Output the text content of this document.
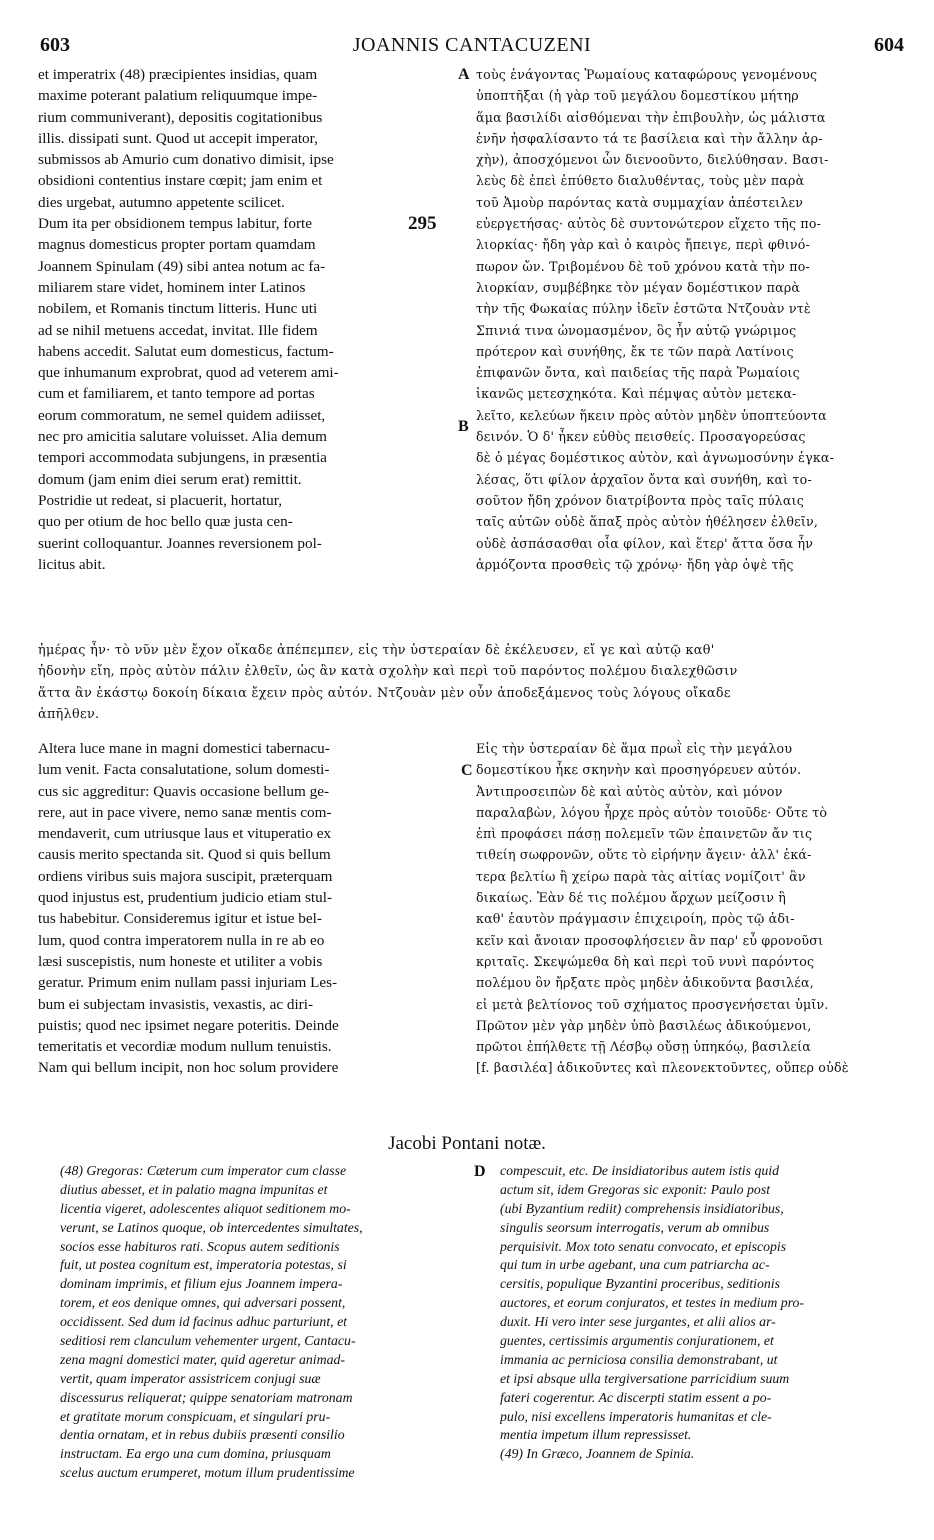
603	JOANNIS CANTACUZENI	604
et imperatrix (48) præcipientes insidias, quam
maxime poterant palatium reliquumque impe-
rium communiverant), depositis cogitationibus
illis. dissipati sunt. Quod ut accepit imperator,
submissos ab Amurio cum donativo dimisit, ipse
obsidioni contentius instare cœpit; jam enim et
dies urgebat, autumno appetente scilicet.
Dum ita per obsidionem tempus labitur, forte
magnus domesticus propter portam quamdam
Joannem Spinulam (49) sibi antea notum ac fa-
miliarem stare videt, hominem inter Latinos
nobilem, et Romanis tinctum litteris. Hunc uti
ad se nihil metuens accedat, invitat. Ille fidem
habens accedit. Salutat eum domesticus, factum-
que inhumanum exprobrat, quod ad veterem ami-
cum et familiarem, et tanto tempore ad portas
eorum commoratum, ne semel quidem adiisset,
nec pro amicitia salutare voluisset. Alia demum
tempori accommodata subjungens, in præsentia
domum (jam enim diei serum erat) remittit.
Postridie ut redeat, si placuerit, hortatur,
quo per otium de hoc bello quæ justa cen-
suerint colloquantur. Joannes reversionem pol-
licitus abit.
τοὺς ἐνάγοντας Ῥωμαίους καταφώρους γενομένους
ὑποπτῆξαι (ἡ γὰρ τοῦ μεγάλου δομεστίκου μήτηρ
ἅμα βασιλίδι αἰσθόμεναι τὴν ἐπιβουλὴν, ὡς μάλιστα
ἐνῆν ἠσφαλίσαντο τά τε βασίλεια καὶ τὴν ἄλλην ἀρ-
χὴν), ἀποσχόμενοι ὧν διενοοῦντο, διελύθησαν. Βασι-
λεὺς δὲ ἐπεὶ ἐπύθετο διαλυθέντας, τοὺς μὲν παρὰ
τοῦ Ἀμοὺρ παρόντας κατὰ συμμαχίαν ἀπέστειλεν
εὐεργετήσας· αὐτὸς δὲ συντονώτερον εἴχετο τῆς πο-
λιορκίας· ἤδη γὰρ καὶ ὁ καιρὸς ἤπειγε, περὶ φθινό-
πωρον ὤν. Τριβομένου δὲ τοῦ χρόνου κατὰ τὴν πο-
λιορκίαν, συμβέβηκε τὸν μέγαν δομέστικον παρὰ
τὴν τῆς Φωκαίας πύλην ἰδεῖν ἑστῶτα Ντζουὰν ντὲ
Σπινιά τινα ὠνομασμένον, ὃς ἦν αὐτῷ γνώριμος
πρότερον καὶ συνήθης, ἔκ τε τῶν παρὰ Λατίνοις
ἐπιφανῶν ὄντα, καὶ παιδείας τῆς παρὰ Ῥωμαίοις
ἱκανῶς μετεσχηκότα. Καὶ πέμψας αὐτὸν μετεκα-
λεῖτο, κελεύων ἥκειν πρὸς αὐτὸν μηδὲν ὑποπτεύοντα
δεινόν. Ὁ δ' ἧκεν εὐθὺς πεισθείς. Προσαγορεύσας
δὲ ὁ μέγας δομέστικος αὐτὸν, καὶ ἀγνωμοσύνην ἐγκα-
λέσας, ὅτι φίλον ἀρχαῖον ὄντα καὶ συνήθη, καὶ το-
σοῦτον ἤδη χρόνον διατρίβοντα πρὸς ταῖς πύλαις
ταῖς αὐτῶν οὐδὲ ἅπαξ πρὸς αὐτὸν ἠθέλησεν ἐλθεῖν,
οὐδὲ ἀσπάσασθαι οἷα φίλον, καὶ ἕτερ' ἄττα ὅσα ἦν
ἁρμόζοντα προσθεὶς τῷ χρόνῳ· ἤδη γὰρ ὀψὲ τῆς
A
B
C
D
295
ἡμέρας ἦν· τὸ νῦν μὲν ἔχον οἴκαδε ἀπέπεμπεν, εἰς τὴν ὑστεραίαν δὲ ἐκέλευσεν, εἴ γε καὶ αὐτῷ καθ'
ἡδονὴν εἴη, πρὸς αὐτὸν πάλιν ἐλθεῖν, ὡς ἂν κατὰ σχολὴν καὶ περὶ τοῦ παρόντος πολέμου διαλεχθῶσιν
ἅττα ἂν ἑκάστῳ δοκοίη δίκαια ἔχειν πρὸς αὐτόν. Ντζουὰν μὲν οὖν ἀποδεξάμενος τοὺς λόγους οἴκαδε
ἀπῆλθεν.
Altera luce mane in magni domestici tabernacu-
lum venit. Facta consalutatione, solum domesti-
cus sic aggreditur: Quavis occasione bellum ge-
rere, aut in pace vivere, nemo sanæ mentis com-
mendaverit, cum utriusque laus et vituperatio ex
causis merito spectanda sit. Quod si quis bellum
ordiens viribus suis majora suscipit, præterquam
quod injustus est, prudentium judicio etiam stul-
tus habebitur. Consideremus igitur et istue bel-
lum, quod contra imperatorem nulla in re ab eo
læsi suscepistis, num honeste et utiliter a vobis
geratur. Primum enim nullam passi injuriam Les-
bum ei subjectam invasistis, vexastis, ac diri-
puistis; quod nec ipsimet negare poteritis. Deinde
temeritatis et vecordiæ modum nullum tenuistis.
Nam qui bellum incipit, non hoc solum providere
Εἰς τὴν ὑστεραίαν δὲ ἅμα πρωῒ εἰς τὴν μεγάλου
δομεστίκου ἧκε σκηνὴν καὶ προσηγόρευεν αὐτόν.
Ἀντιπροσειπὼν δὲ καὶ αὐτὸς αὐτὸν, καὶ μόνον
παραλαβὼν, λόγου ἦρχε πρὸς αὐτὸν τοιοῦδε· Οὔτε τὸ
ἐπὶ προφάσει πάσῃ πολεμεῖν τῶν ἐπαινετῶν ἄν τις
τιθείη σωφρονῶν, οὔτε τὸ εἰρήνην ἄγειν· ἀλλ' ἑκά-
τερα βελτίω ἢ χείρω παρὰ τὰς αἰτίας νομίζοιτ' ἂν
δικαίως. Ἐὰν δέ τις πολέμου ἄρχων μείζοσιν ἢ
καθ' ἑαυτὸν πράγμασιν ἐπιχειροίη, πρὸς τῷ ἀδι-
κεῖν καὶ ἄνοιαν προσοφλήσειεν ἂν παρ' εὖ φρονοῦσι
κριταῖς. Σκεψώμεθα δὴ καὶ περὶ τοῦ νυνὶ παρόντος
πολέμου ὃν ἤρξατε πρὸς μηδὲν ἀδικοῦντα βασιλέα,
εἰ μετὰ βελτίονος τοῦ σχήματος προσγενήσεται ὑμῖν.
Πρῶτον μὲν γὰρ μηδὲν ὑπὸ βασιλέως ἀδικούμενοι,
πρῶτοι ἐπήλθετε τῇ Λέσβῳ οὔσῃ ὑπηκόῳ, βασιλεία
[f. βασιλέα] ἀδικοῦντες καὶ πλεονεκτοῦντες, οὕπερ οὐδὲ
Jacobi Pontani notæ.
(48) Gregoras: Cæterum cum imperator cum classe
diutius abesset, et in palatio magna impunitas et
licentia vigeret, adolescentes aliquot seditionem mo-
verunt, se Latinos quoque, ob intercedentes simultates,
socios esse habituros rati. Scopus autem seditionis
fuit, ut postea cognitum est, imperatoria potestas, si
dominam imprimis, et filium ejus Joannem impera-
torem, et eos denique omnes, qui adversari possent,
occidissent. Sed dum id facinus adhuc parturiunt, et
seditiosi rem clanculum vehementer urgent, Cantacu-
zena magni domestici mater, quid ageretur animad-
vertit, quam imperator assistricem conjugi suæ
discessurus reliquerat; quippe senatoriam matronam
et gratitate morum conspicuam, et singulari pru-
dentia ornatam, et in rebus dubiis præsenti consilio
instructam. Ea ergo una cum domina, priusquam
scelus auctum erumperet, motum illum prudentissime
compescuit, etc. De insidiatoribus autem istis quid
actum sit, idem Gregoras sic exponit: Paulo post
(ubi Byzantium rediit) comprehensis insidiatoribus,
singulis seorsum interrogatis, verum ab omnibus
perquisivit. Mox toto senatu convocato, et episcopis
qui tum in urbe agebant, una cum patriarcha ac-
cersitis, populique Byzantini proceribus, seditionis
auctores, et eorum conjuratos, et testes in medium pro-
duxit. Hi vero inter sese jurgantes, et alii alios ar-
guentes, certissimis argumentis conjurationem, et
immania ac perniciosa consilia demonstrabant, ut
et ipsi absque ulla tergiversatione parricidium suum
fateri cogerentur. Ac discerpti statim essent a po-
pulo, nisi excellens imperatoris humanitas et cle-
mentia impetum illum repressisset.
(49) In Græco, Joannem de Spinia.
